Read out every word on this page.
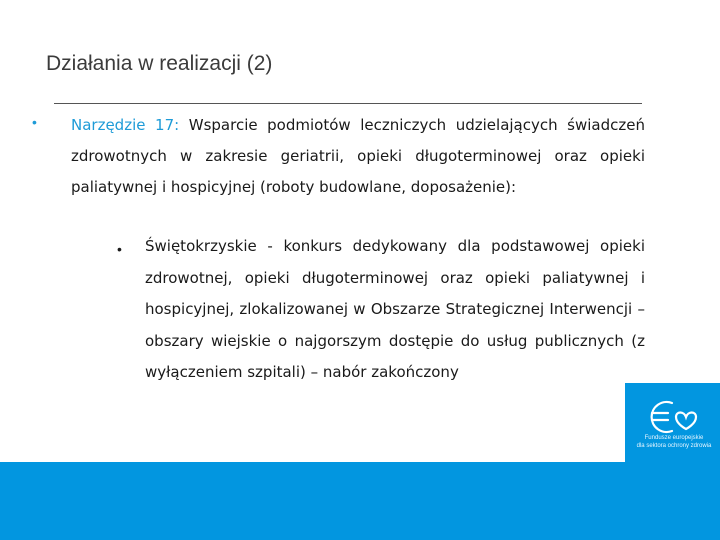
Działania w realizacji (2)
• Narzędzie 17: Wsparcie podmiotów leczniczych udzielających świadczeń zdrowotnych w zakresie geriatrii, opieki długoterminowej oraz opieki paliatywnej i hospicyjnej (roboty budowlane, doposażenie):

• Świętokrzyskie - konkurs dedykowany dla podstawowej opieki zdrowotnej, opieki długoterminowej oraz opieki paliatywnej i hospicyjnej, zlokalizowanej w Obszarze Strategicznej Interwencji – obszary wiejskie o najgorszym dostępie do usług publicznych (z wyłączeniem szpitali) – nabór zakończony

Fundusze europejskie
dla sektora ochrony zdrowia
